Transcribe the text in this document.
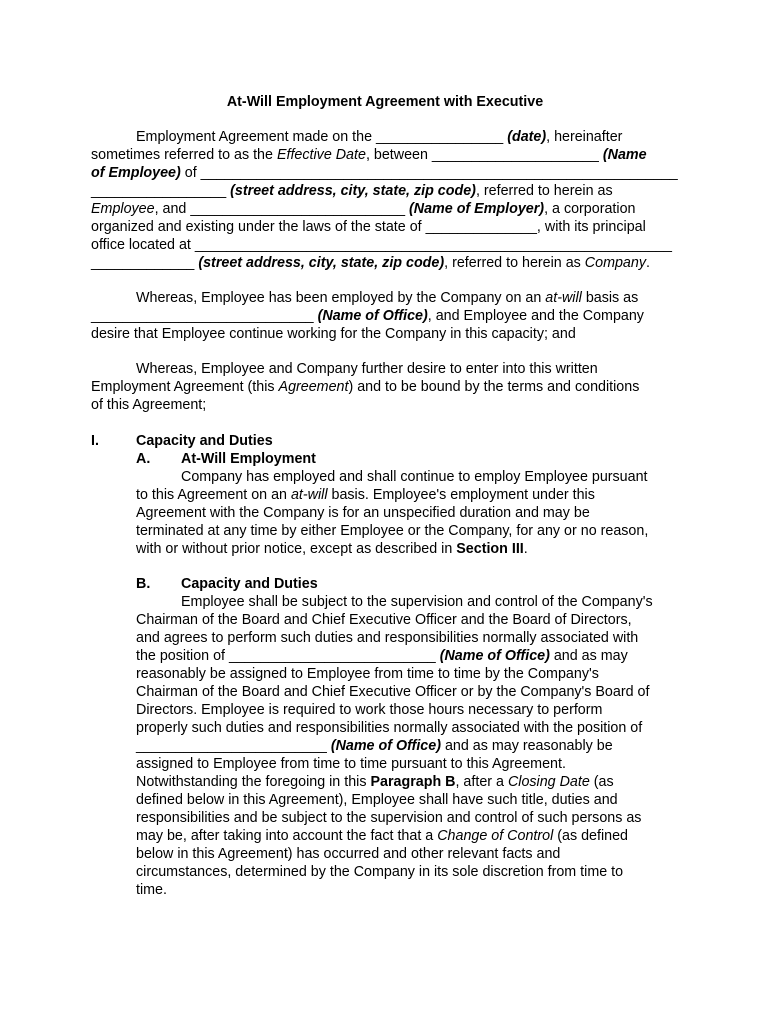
At-Will Employment Agreement with Executive
Employment Agreement made on the ________________ (date), hereinafter
sometimes referred to as the Effective Date, between _____________________ (Name
of Employee) of ____________________________________________________________
_________________ (street address, city, state, zip code), referred to herein as
Employee, and ___________________________ (Name of Employer), a corporation
organized and existing under the laws of the state of ______________, with its principal
office located at ____________________________________________________________
_____________ (street address, city, state, zip code), referred to herein as Company.
Whereas, Employee has been employed by the Company on an at-will basis as
____________________________ (Name of Office), and Employee and the Company
desire that Employee continue working for the Company in this capacity; and
Whereas, Employee and Company further desire to enter into this written
Employment Agreement (this Agreement) and to be bound by the terms and conditions
of this Agreement;
I.	Capacity and Duties
A. At-Will Employment
Company has employed and shall continue to employ Employee pursuant
to this Agreement on an at-will basis. Employee's employment under this
Agreement with the Company is for an unspecified duration and may be
terminated at any time by either Employee or the Company, for any or no reason,
with or without prior notice, except as described in Section III.
B. Capacity and Duties
Employee shall be subject to the supervision and control of the Company's
Chairman of the Board and Chief Executive Officer and the Board of Directors,
and agrees to perform such duties and responsibilities normally associated with
the position of __________________________ (Name of Office) and as may
reasonably be assigned to Employee from time to time by the Company's
Chairman of the Board and Chief Executive Officer or by the Company's Board of
Directors. Employee is required to work those hours necessary to perform
properly such duties and responsibilities normally associated with the position of
________________________ (Name of Office) and as may reasonably be
assigned to Employee from time to time pursuant to this Agreement.
Notwithstanding the foregoing in this Paragraph B, after a Closing Date (as
defined below in this Agreement), Employee shall have such title, duties and
responsibilities and be subject to the supervision and control of such persons as
may be, after taking into account the fact that a Change of Control (as defined
below in this Agreement) has occurred and other relevant facts and
circumstances, determined by the Company in its sole discretion from time to
time.
